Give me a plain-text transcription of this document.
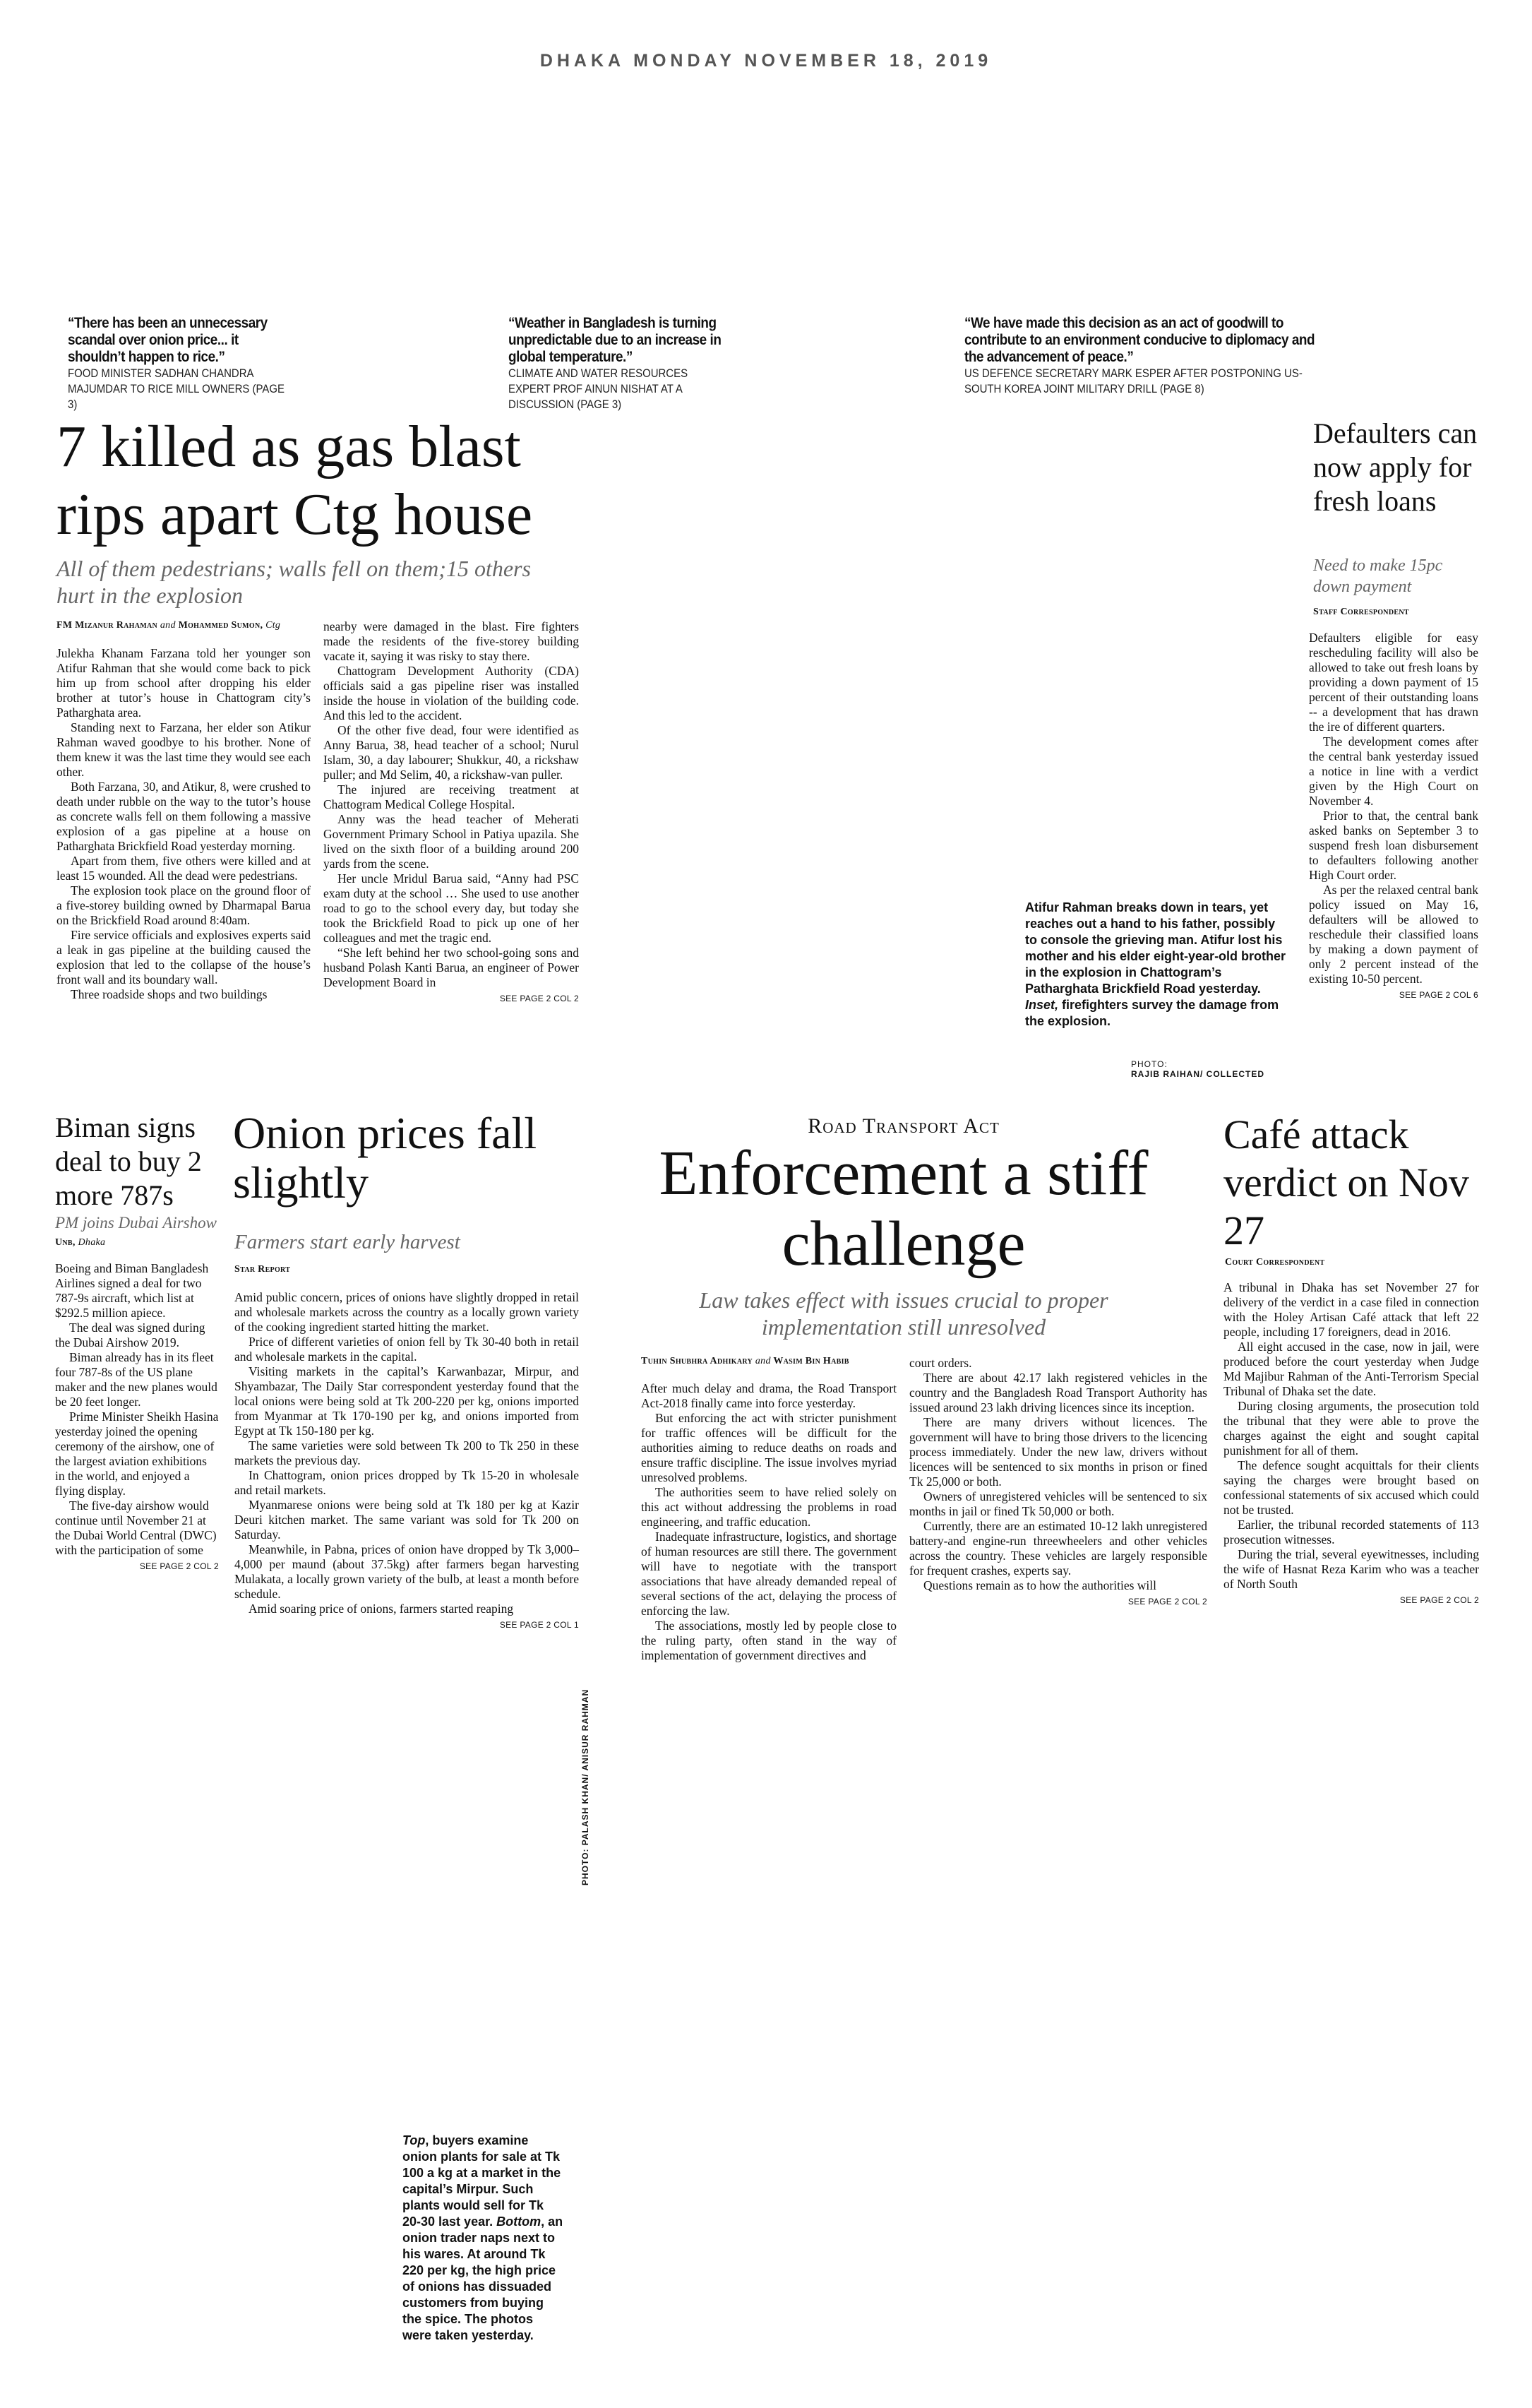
DHAKA MONDAY NOVEMBER 18, 2019
“There has been an unnecessary scandal over onion price... it shouldn’t happen to rice.”
FOOD MINISTER SADHAN CHANDRA MAJUMDAR TO RICE MILL OWNERS (PAGE 3)
“Weather in Bangladesh is turning unpredictable due to an increase in global temperature.”
CLIMATE AND WATER RESOURCES EXPERT PROF AINUN NISHAT AT A DISCUSSION (PAGE 3)
“We have made this decision as an act of goodwill to contribute to an environment conducive to diplomacy and the advancement of peace.”
US DEFENCE SECRETARY MARK ESPER AFTER POSTPONING US-SOUTH KOREA JOINT MILITARY DRILL (PAGE 8)
7 killed as gas blast rips apart Ctg house
All of them pedestrians; walls fell on them;15 others hurt in the explosion
FM Mizanur Rahaman and Mohammed Sumon, Ctg

Julekha Khanam Farzana told her younger son Atifur Rahman that she would come back to pick him up from school after dropping his elder brother at tutor’s house in Chattogram city’s Patharghata area.

Standing next to Farzana, her elder son Atikur Rahman waved goodbye to his brother. None of them knew it was the last time they would see each other.

Both Farzana, 30, and Atikur, 8, were crushed to death under rubble on the way to the tutor’s house as concrete walls fell on them following a massive explosion of a gas pipeline at a house on Patharghata Brickfield Road yesterday morning.

Apart from them, five others were killed and at least 15 wounded. All the dead were pedestrians.

The explosion took place on the ground floor of a five-storey building owned by Dharmapal Barua on the Brickfield Road around 8:40am.

Fire service officials and explosives experts said a leak in gas pipeline at the building caused the explosion that led to the collapse of the house’s front wall and its boundary wall.

Three roadside shops and two buildings

nearby were damaged in the blast. Fire fighters made the residents of the five-storey building vacate it, saying it was risky to stay there.

Chattogram Development Authority (CDA) officials said a gas pipeline riser was installed inside the house in violation of the building code. And this led to the accident.

Of the other five dead, four were identified as Anny Barua, 38, head teacher of a school; Nurul Islam, 30, a day labourer; Shukkur, 40, a rickshaw puller; and Md Selim, 40, a rickshaw-van puller.

The injured are receiving treatment at Chattogram Medical College Hospital.

Anny was the head teacher of Meherati Government Primary School in Patiya upazila. She lived on the sixth floor of a building around 200 yards from the scene.

Her uncle Mridul Barua said, “Anny had PSC exam duty at the school … She used to use another road to go to the school every day, but today she took the Brickfield Road to pick up one of her colleagues and met the tragic end.

“She left behind her two school-going sons and husband Polash Kanti Barua, an engineer of Power Development Board in

SEE PAGE 2 COL 2
Atifur Rahman breaks down in tears, yet reaches out a hand to his father, possibly to console the grieving man. Atifur lost his mother and his elder eight-year-old brother in the explosion in Chattogram’s Patharghata Brickfield Road yesterday. Inset, firefighters survey the damage from the explosion.
PHOTO:
RAJIB RAIHAN/ COLLECTED
Defaulters can now apply for fresh loans
Need to make 15pc down payment
Staff Correspondent

Defaulters eligible for easy rescheduling facility will also be allowed to take out fresh loans by providing a down payment of 15 percent of their outstanding loans -- a development that has drawn the ire of different quarters.

The development comes after the central bank yesterday issued a notice in line with a verdict given by the High Court on November 4.

Prior to that, the central bank asked banks on September 3 to suspend fresh loan disbursement to defaulters following another High Court order.

As per the relaxed central bank policy issued on May 16, defaulters will be allowed to reschedule their classified loans by making a down payment of only 2 percent instead of the existing 10-50 percent.

SEE PAGE 2 COL 6
Biman signs deal to buy 2 more 787s
PM joins Dubai Airshow
Unb, Dhaka

Boeing and Biman Bangladesh Airlines signed a deal for two 787-9s aircraft, which list at $292.5 million apiece.

The deal was signed during the Dubai Airshow 2019.

Biman already has in its fleet four 787-8s of the US plane maker and the new planes would be 20 feet longer.

Prime Minister Sheikh Hasina yesterday joined the opening ceremony of the airshow, one of the largest aviation exhibitions in the world, and enjoyed a flying display.

The five-day airshow would continue until November 21 at the Dubai World Central (DWC) with the participation of some

SEE PAGE 2 COL 2
Onion prices fall slightly
Farmers start early harvest
Star Report

Amid public concern, prices of onions have slightly dropped in retail and wholesale markets across the country as a locally grown variety of the cooking ingredient started hitting the market.

Price of different varieties of onion fell by Tk 30-40 both in retail and wholesale markets in the capital.

Visiting markets in the capital’s Karwanbazar, Mirpur, and Shyambazar, The Daily Star correspondent yesterday found that the local onions were being sold at Tk 200-220 per kg, onions imported from Myanmar at Tk 170-190 per kg, and onions imported from Egypt at Tk 150-180 per kg.

The same varieties were sold between Tk 200 to Tk 250 in these markets the previous day.

In Chattogram, onion prices dropped by Tk 15-20 in wholesale and retail markets.

Myanmarese onions were being sold at Tk 180 per kg at Kazir Deuri kitchen market. The same variant was sold for Tk 200 on Saturday.

Meanwhile, in Pabna, prices of onion have dropped by Tk 3,000–4,000 per maund (about 37.5kg) after farmers began harvesting Mulakata, a locally grown variety of the bulb, at least a month before schedule.

Amid soaring price of onions, farmers started reaping

SEE PAGE 2 COL 1
PHOTO: PALASH KHAN/ ANISUR RAHMAN
Top, buyers examine onion plants for sale at Tk 100 a kg at a market in the capital’s Mirpur. Such plants would sell for Tk 20-30 last year. Bottom, an onion trader naps next to his wares. At around Tk 220 per kg, the high price of onions has dissuaded customers from buying the spice. The photos were taken yesterday.
Road Transport Act
Enforcement a stiff challenge
Law takes effect with issues crucial to proper implementation still unresolved
Tuhin Shubhra Adhikary and Wasim Bin Habib

After much delay and drama, the Road Transport Act-2018 finally came into force yesterday.

But enforcing the act with stricter punishment for traffic offences will be difficult for the authorities aiming to reduce deaths on roads and ensure traffic discipline. The issue involves myriad unresolved problems.

The authorities seem to have relied solely on this act without addressing the problems in road engineering, and traffic education.

Inadequate infrastructure, logistics, and shortage of human resources are still there. The government will have to negotiate with the transport associations that have already demanded repeal of several sections of the act, delaying the process of enforcing the law.

The associations, mostly led by people close to the ruling party, often stand in the way of implementation of government directives and

court orders.

There are about 42.17 lakh registered vehicles in the country and the Bangladesh Road Transport Authority has issued around 23 lakh driving licences since its inception.

There are many drivers without licences. The government will have to bring those drivers to the licencing process immediately. Under the new law, drivers without licences will be sentenced to six months in prison or fined Tk 25,000 or both.

Owners of unregistered vehicles will be sentenced to six months in jail or fined Tk 50,000 or both.

Currently, there are an estimated 10-12 lakh unregistered battery-and engine-run threewheelers and other vehicles across the country. These vehicles are largely responsible for frequent crashes, experts say.

Questions remain as to how the authorities will

SEE PAGE 2 COL 2
Café attack verdict on Nov 27
Court Correspondent

A tribunal in Dhaka has set November 27 for delivery of the verdict in a case filed in connection with the Holey Artisan Café attack that left 22 people, including 17 foreigners, dead in 2016.

All eight accused in the case, now in jail, were produced before the court yesterday when Judge Md Majibur Rahman of the Anti-Terrorism Special Tribunal of Dhaka set the date.

During closing arguments, the prosecution told the tribunal that they were able to prove the charges against the eight and sought capital punishment for all of them.

The defence sought acquittals for their clients saying the charges were brought based on confessional statements of six accused which could not be trusted.

Earlier, the tribunal recorded statements of 113 prosecution witnesses.

During the trial, several eyewitnesses, including the wife of Hasnat Reza Karim who was a teacher of North South

SEE PAGE 2 COL 2
